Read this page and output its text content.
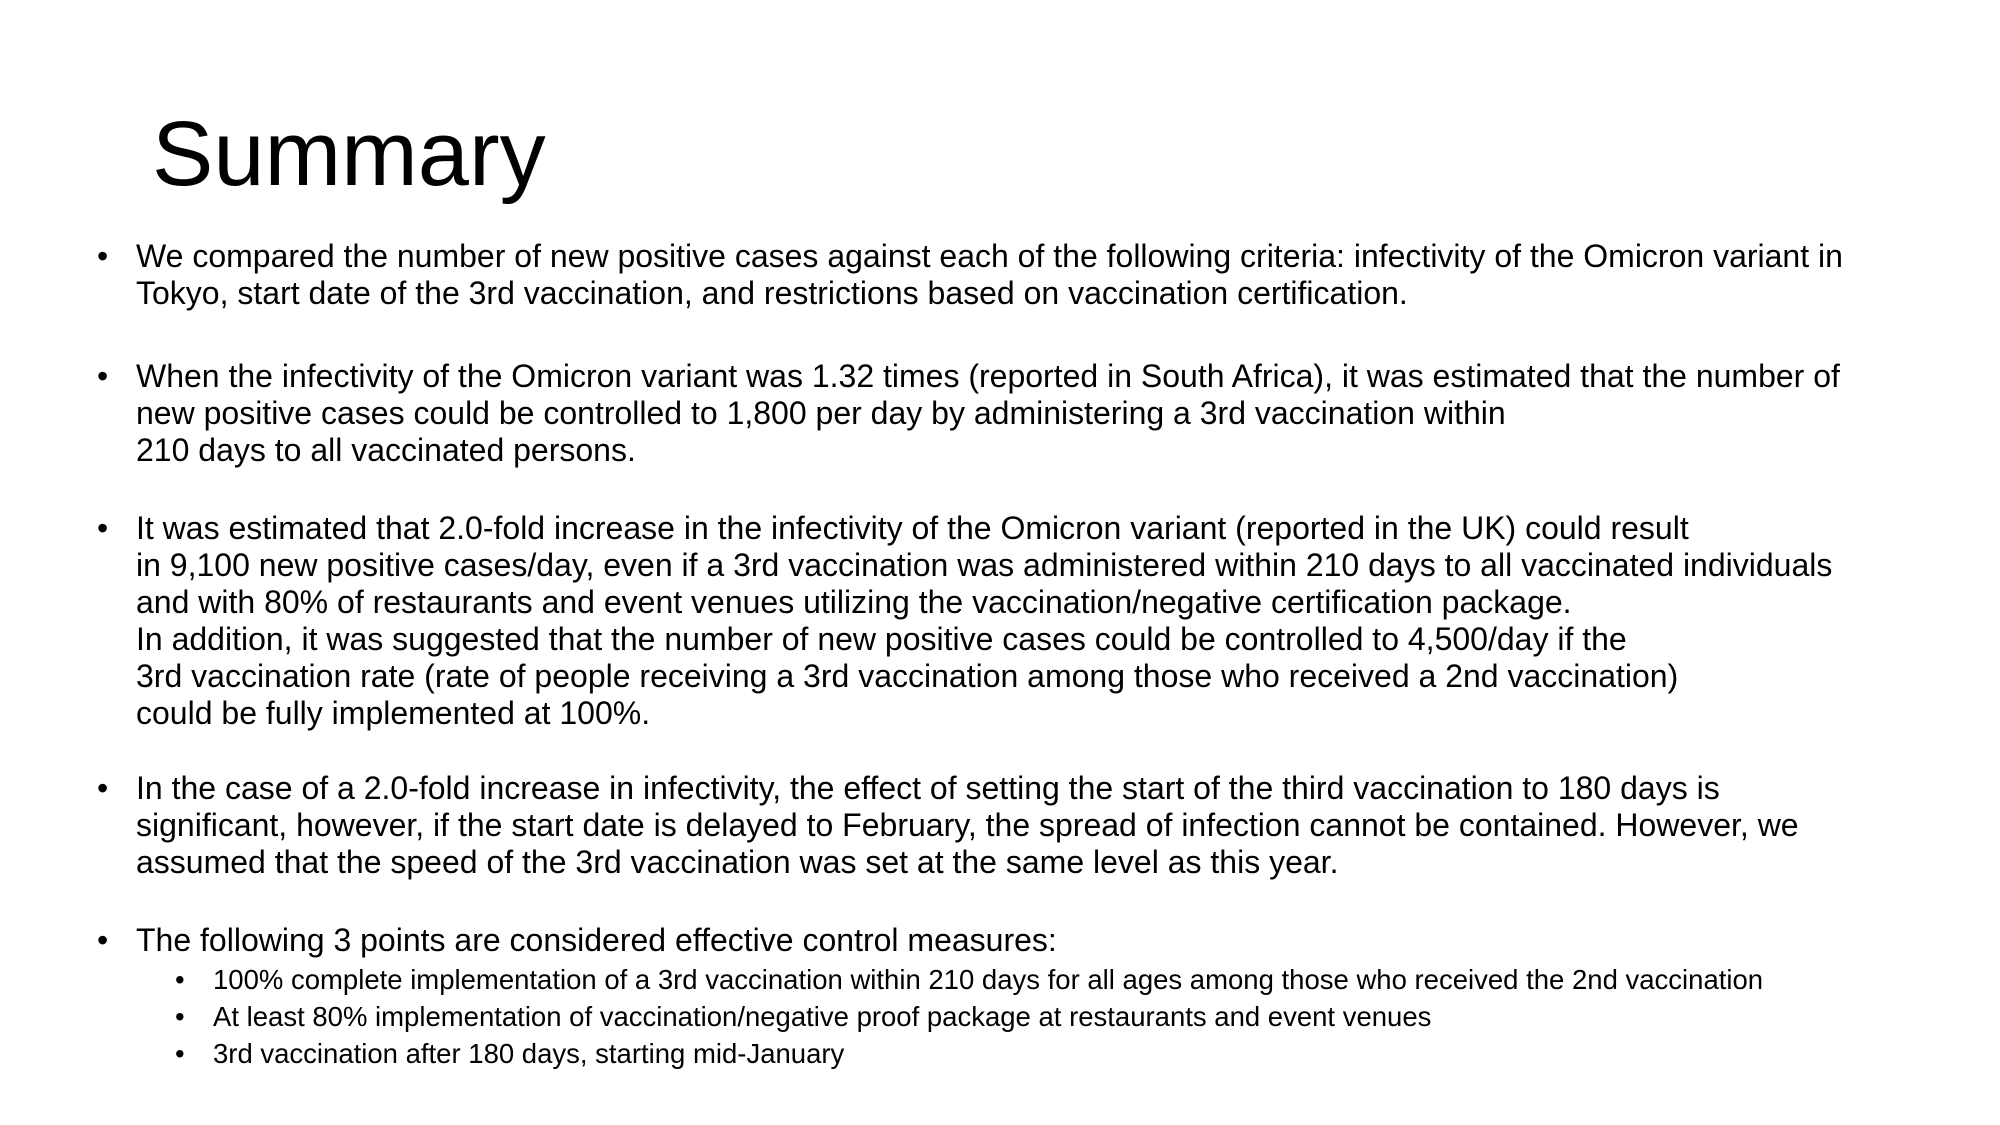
Summary
• We compared the number of new positive cases against each of the following criteria: infectivity of the Omicron variant in
Tokyo, start date of the 3rd vaccination, and restrictions based on vaccination certification.
• When the infectivity of the Omicron variant was 1.32 times (reported in South Africa), it was estimated that the number of
new positive cases could be controlled to 1,800 per day by administering a 3rd vaccination within
210 days to all vaccinated persons.
• It was estimated that 2.0-fold increase in the infectivity of the Omicron variant (reported in the UK) could result
in 9,100 new positive cases/day, even if a 3rd vaccination was administered within 210 days to all vaccinated individuals
and with 80% of restaurants and event venues utilizing the vaccination/negative certification package.
In addition, it was suggested that the number of new positive cases could be controlled to 4,500/day if the
3rd vaccination rate (rate of people receiving a 3rd vaccination among those who received a 2nd vaccination)
could be fully implemented at 100%.
• In the case of a 2.0-fold increase in infectivity, the effect of setting the start of the third vaccination to 180 days is
significant, however, if the start date is delayed to February, the spread of infection cannot be contained. However, we
assumed that the speed of the 3rd vaccination was set at the same level as this year.
• The following 3 points are considered effective control measures:
• 100% complete implementation of a 3rd vaccination within 210 days for all ages among those who received the 2nd vaccination
• At least 80% implementation of vaccination/negative proof package at restaurants and event venues
• 3rd vaccination after 180 days, starting mid-January
